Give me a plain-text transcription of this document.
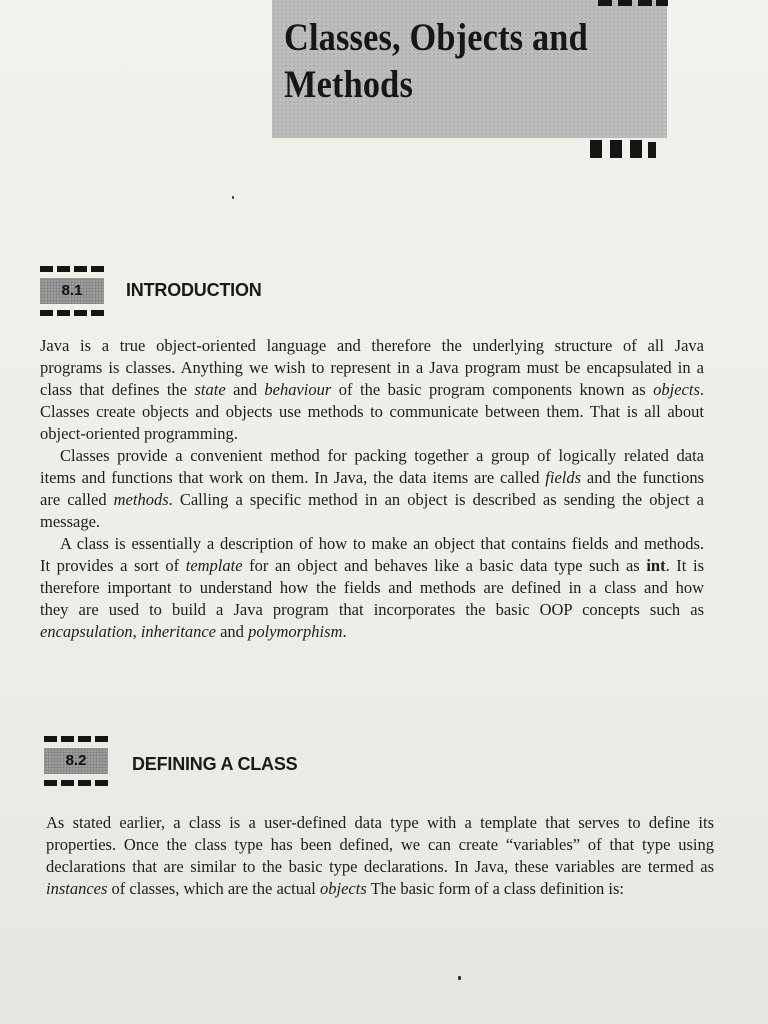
Classes, Objects and
Methods
8.1	INTRODUCTION

Java is a true object-oriented language and therefore the underlying structure of all Java
programs is classes. Anything we wish to represent in a Java program must be encapsulated in a
class that defines the state and behaviour of the basic program components known as objects.
Classes create objects and objects use methods to communicate between them. That is all about
object-oriented programming.

Classes provide a convenient method for packing together a group of logically related data
items and functions that work on them. In Java, the data items are called fields and the functions
are called methods. Calling a specific method in an object is described as sending the object a
message.

A class is essentially a description of how to make an object that contains fields and methods.
It provides a sort of template for an object and behaves like a basic data type such as int. It is
therefore important to understand how the fields and methods are defined in a class and how
they are used to build a Java program that incorporates the basic OOP concepts such as
encapsulation, inheritance and polymorphism.

8.2	DEFINING A CLASS

As stated earlier, a class is a user-defined data type with a template that serves to define its
properties. Once the class type has been defined, we can create “variables” of that type using
declarations that are similar to the basic type declarations. In Java, these variables are termed as
instances of classes, which are the actual objects The basic form of a class definition is:
